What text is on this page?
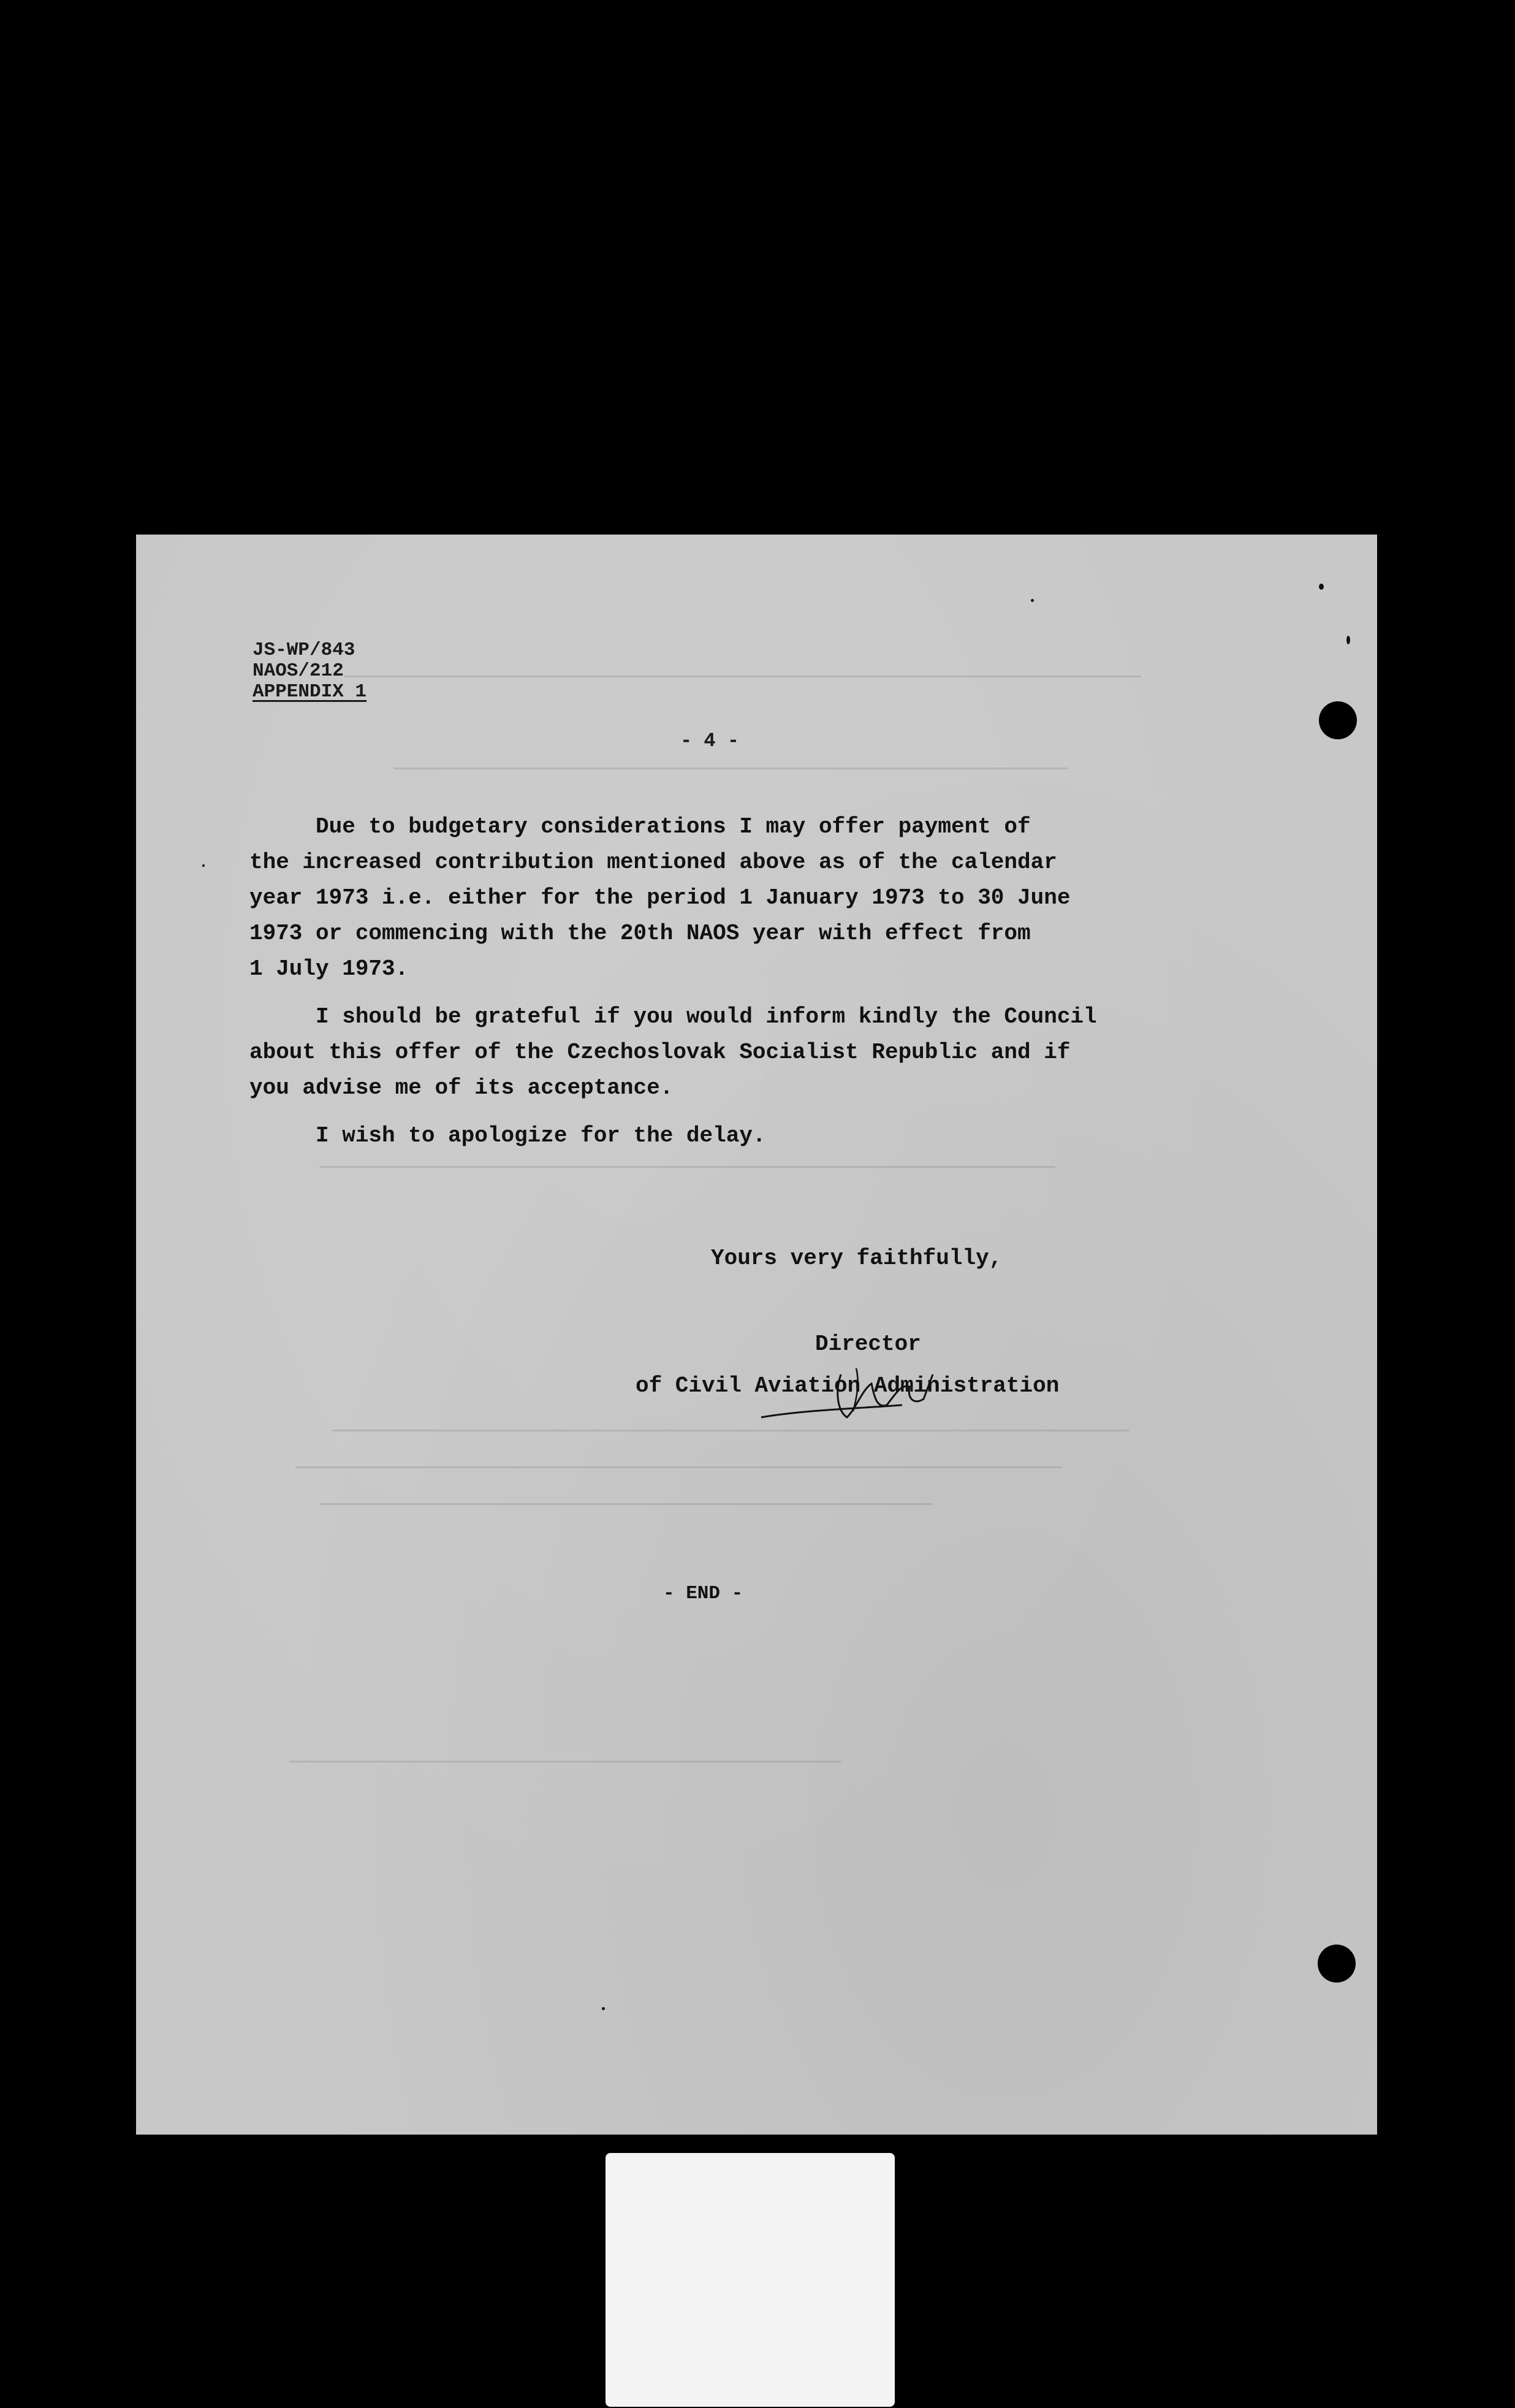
JS-WP/843
NAOS/212
APPENDIX 1
- 4 -

Due to budgetary considerations I may offer payment of
the increased contribution mentioned above as of the calendar
year 1973 i.e. either for the period 1 January 1973 to 30 June
1973 or commencing with the 20th NAOS year with effect from
1 July 1973.

I should be grateful if you would inform kindly the Council
about this offer of the Czechoslovak Socialist Republic and if
you advise me of its acceptance.

I wish to apologize for the delay.

Yours very faithfully,
Director
of Civil Aviation Administration
- END -
